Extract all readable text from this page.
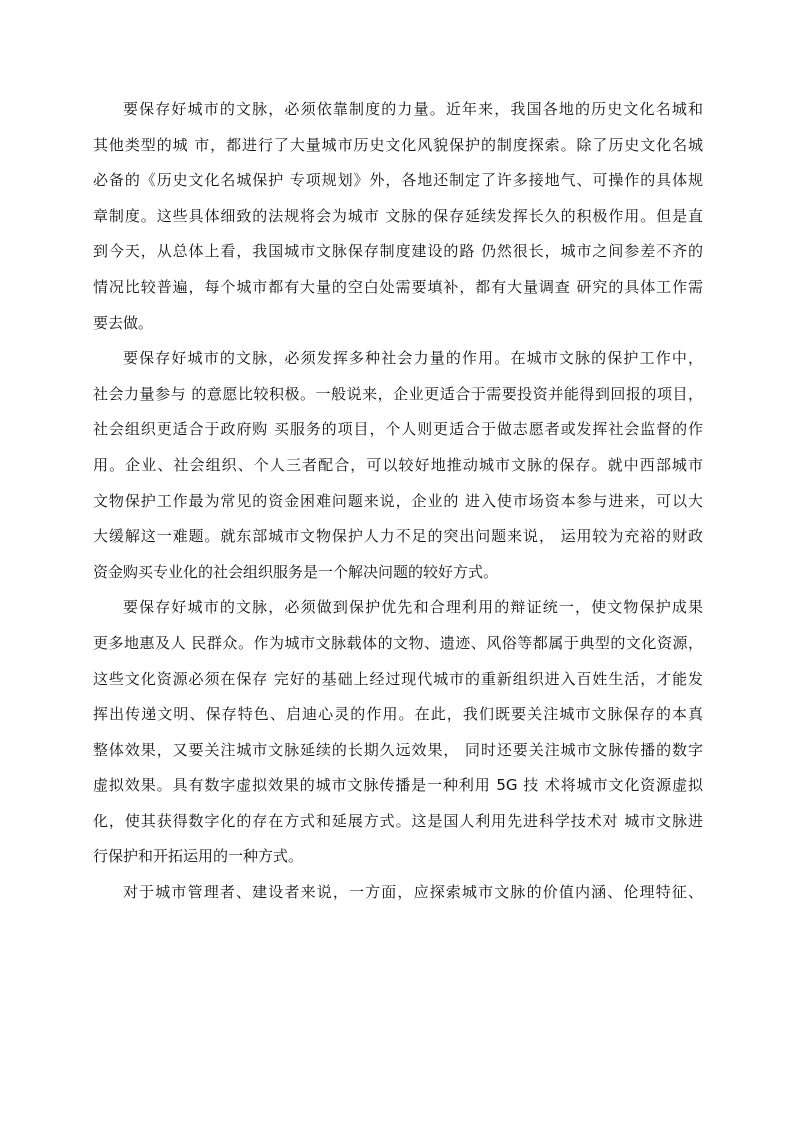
要保存好城市的文脉，必须依靠制度的力量。近年来，我国各地的历史文化名城和
其他类型的城 市，都进行了大量城市历史文化风貌保护的制度探索。除了历史文化名城
必备的《历史文化名城保护 专项规划》外，各地还制定了许多接地气、可操作的具体规
章制度。这些具体细致的法规将会为城市 文脉的保存延续发挥长久的积极作用。但是直
到今天，从总体上看，我国城市文脉保存制度建设的路 仍然很长，城市之间参差不齐的
情况比较普遍，每个城市都有大量的空白处需要填补，都有大量调查 研究的具体工作需
要去做。
要保存好城市的文脉，必须发挥多种社会力量的作用。在城市文脉的保护工作中，
社会力量参与 的意愿比较积极。一般说来，企业更适合于需要投资并能得到回报的项目，
社会组织更适合于政府购 买服务的项目，个人则更适合于做志愿者或发挥社会监督的作
用。企业、社会组织、个人三者配合，可以较好地推动城市文脉的保存。就中西部城市
文物保护工作最为常见的资金困难问题来说，企业的 进入使市场资本参与进来，可以大
大缓解这一难题。就东部城市文物保护人力不足的突出问题来说， 运用较为充裕的财政
资金购买专业化的社会组织服务是一个解决问题的较好方式。
要保存好城市的文脉，必须做到保护优先和合理利用的辩证统一，使文物保护成果
更多地惠及人 民群众。作为城市文脉载体的文物、遗迹、风俗等都属于典型的文化资源，
这些文化资源必须在保存 完好的基础上经过现代城市的重新组织进入百姓生活，才能发
挥出传递文明、保存特色、启迪心灵的作用。在此，我们既要关注城市文脉保存的本真
整体效果，又要关注城市文脉延续的长期久远效果， 同时还要关注城市文脉传播的数字
虚拟效果。具有数字虚拟效果的城市文脉传播是一种利用 5G 技 术将城市文化资源虚拟
化，使其获得数字化的存在方式和延展方式。这是国人利用先进科学技术对 城市文脉进
行保护和开拓运用的一种方式。
对于城市管理者、建设者来说，一方面，应探索城市文脉的价值内涵、伦理特征、
